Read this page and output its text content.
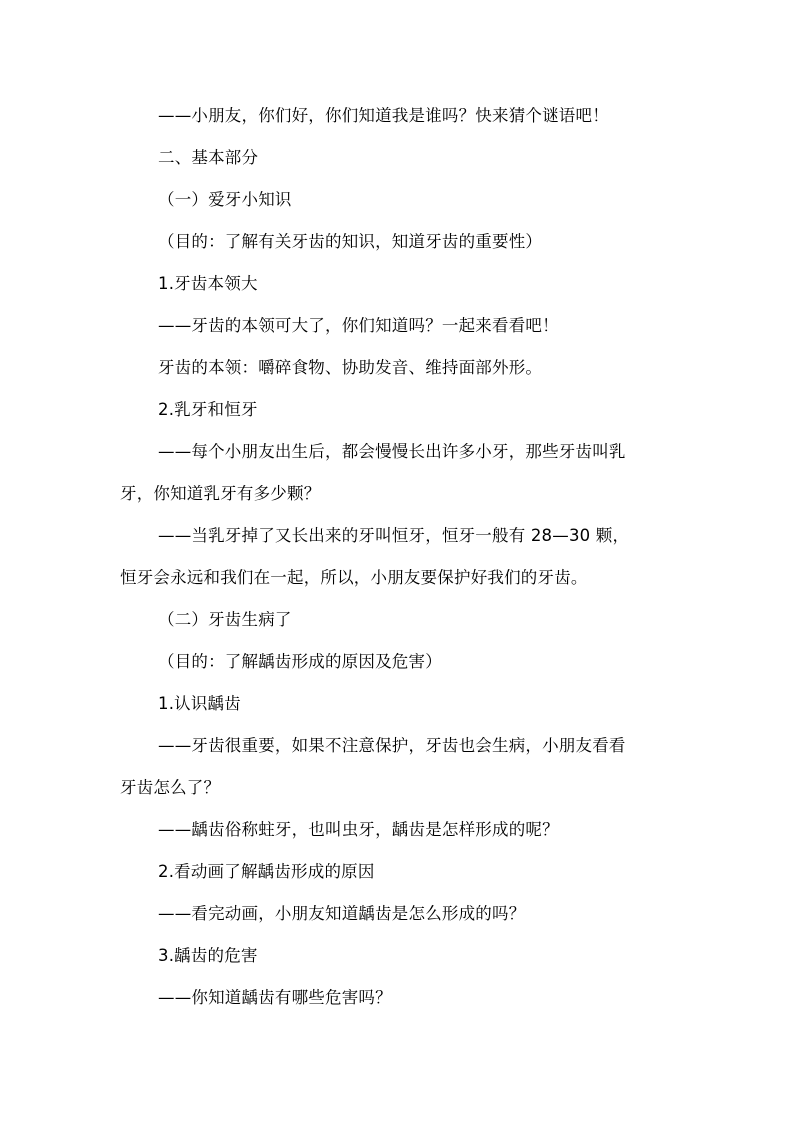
——小朋友，你们好，你们知道我是谁吗？快来猜个谜语吧！
二、基本部分
（一）爱牙小知识
（目的：了解有关牙齿的知识，知道牙齿的重要性）
1.牙齿本领大
——牙齿的本领可大了，你们知道吗？一起来看看吧！
牙齿的本领：嚼碎食物、协助发音、维持面部外形。
2.乳牙和恒牙
——每个小朋友出生后，都会慢慢长出许多小牙，那些牙齿叫乳
牙，你知道乳牙有多少颗？
——当乳牙掉了又长出来的牙叫恒牙，恒牙一般有 28—30 颗，
恒牙会永远和我们在一起，所以，小朋友要保护好我们的牙齿。
（二）牙齿生病了
（目的：了解龋齿形成的原因及危害）
1.认识龋齿
——牙齿很重要，如果不注意保护，牙齿也会生病，小朋友看看
牙齿怎么了？
——龋齿俗称蛀牙，也叫虫牙，龋齿是怎样形成的呢？
2.看动画了解龋齿形成的原因
——看完动画，小朋友知道龋齿是怎么形成的吗？
3.龋齿的危害
——你知道龋齿有哪些危害吗？
